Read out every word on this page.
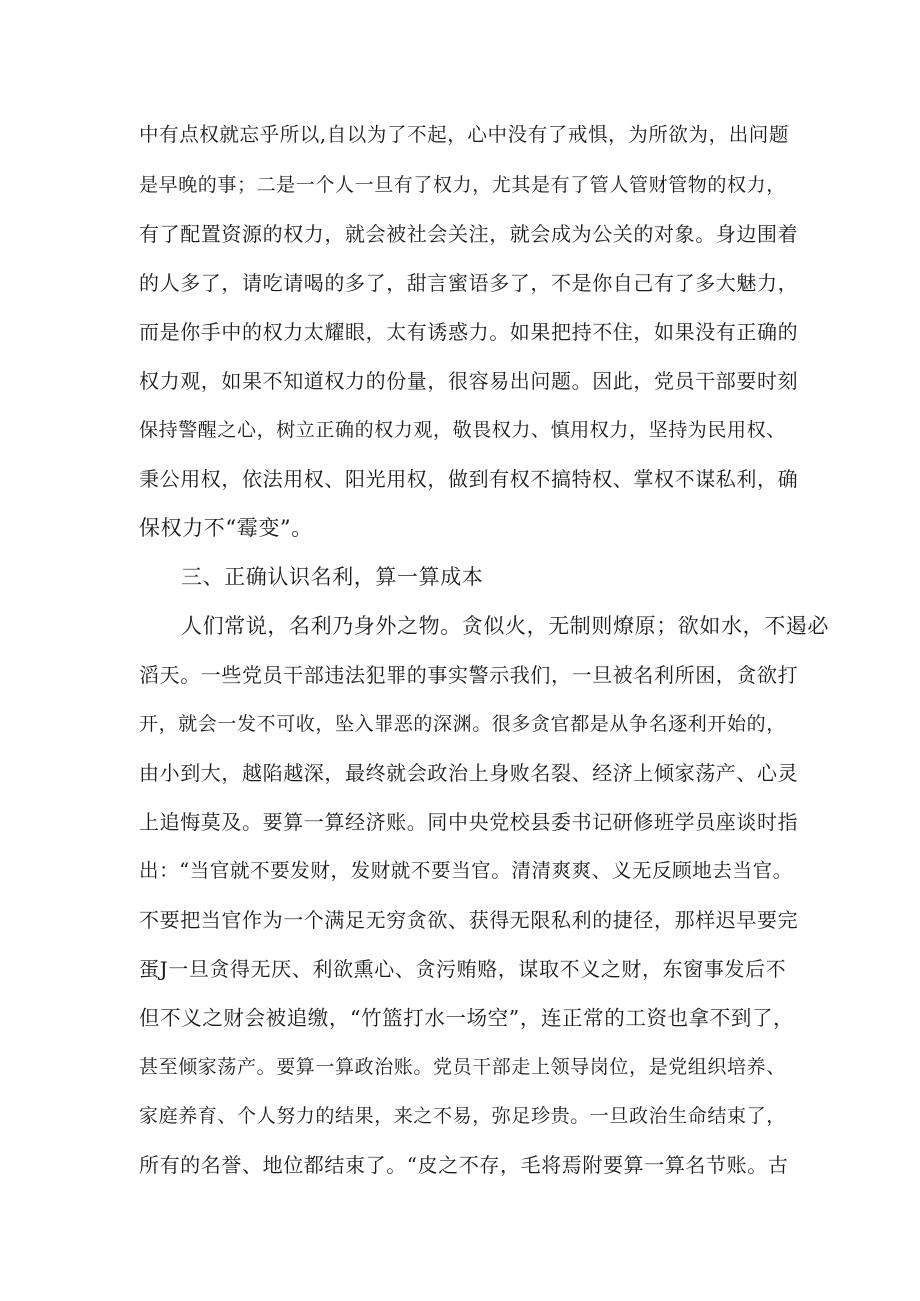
中有点权就忘乎所以,自以为了不起，心中没有了戒惧，为所欲为，出问题
是早晚的事；二是一个人一旦有了权力，尤其是有了管人管财管物的权力，
有了配置资源的权力，就会被社会关注，就会成为公关的对象。身边围着
的人多了，请吃请喝的多了，甜言蜜语多了，不是你自己有了多大魅力，
而是你手中的权力太耀眼，太有诱惑力。如果把持不住，如果没有正确的
权力观，如果不知道权力的份量，很容易出问题。因此，党员干部要时刻
保持警醒之心，树立正确的权力观，敬畏权力、慎用权力，坚持为民用权、
秉公用权，依法用权、阳光用权，做到有权不搞特权、掌权不谋私利，确
保权力不“霉变”。
三、正确认识名利，算一算成本
人们常说，名利乃身外之物。贪似火，无制则燎原；欲如水，不遏必
滔天。一些党员干部违法犯罪的事实警示我们，一旦被名利所困，贪欲打
开，就会一发不可收，坠入罪恶的深渊。很多贪官都是从争名逐利开始的，
由小到大，越陷越深，最终就会政治上身败名裂、经济上倾家荡产、心灵
上追悔莫及。要算一算经济账。同中央党校县委书记研修班学员座谈时指
出：“当官就不要发财，发财就不要当官。清清爽爽、义无反顾地去当官。
不要把当官作为一个满足无穷贪欲、获得无限私利的捷径，那样迟早要完
蛋J一旦贪得无厌、利欲熏心、贪污贿赂，谋取不义之财，东窗事发后不
但不义之财会被追缴，“竹篮打水一场空”，连正常的工资也拿不到了，
甚至倾家荡产。要算一算政治账。党员干部走上领导岗位，是党组织培养、
家庭养育、个人努力的结果，来之不易，弥足珍贵。一旦政治生命结束了，
所有的名誉、地位都结束了。“皮之不存，毛将焉附要算一算名节账。古
